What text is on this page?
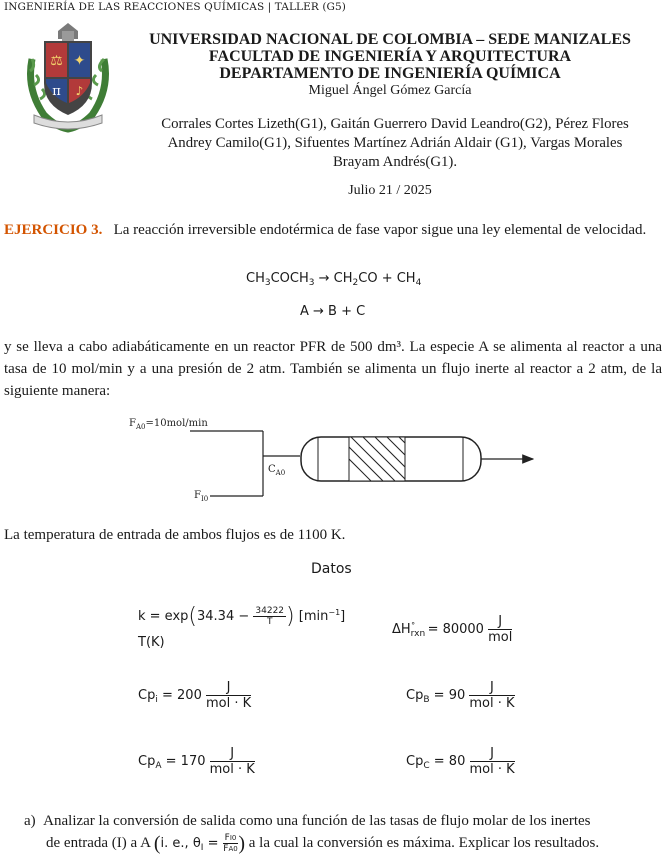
INGENIERÍA DE LAS REACCIONES QUÍMICAS | TALLER (G5)
⚖ ✦
π ♪
UNIVERSIDAD NACIONAL DE COLOMBIA – SEDE MANIZALES
FACULTAD DE INGENIERÍA Y ARQUITECTURA
DEPARTAMENTO DE INGENIERÍA QUÍMICA
Miguel Ángel Gómez García
Corrales Cortes Lizeth(G1), Gaitán Guerrero David Leandro(G2), Pérez Flores
Andrey Camilo(G1), Sifuentes Martínez Adrián Aldair (G1), Vargas Morales
Brayam Andrés(G1).
Julio 21 / 2025
EJERCICIO 3. La reacción irreversible endotérmica de fase vapor sigue una ley elemental de velocidad.
$CH_3COCH_3 \to CH_2CO + CH_4$
A → B + C
y se lleva a cabo adiabáticamente en un reactor PFR de 500 dm³. La especie A se alimenta al reactor a una tasa de 10 mol/min y a una presión de 2 atm. También se alimenta un flujo inerte al reactor a 2 atm, de la siguiente manera:
$F_{A0}=10mol/\min$
$C_{A0}$
$F_{I0}$
La temperatura de entrada de ambos flujos es de 1100 K.
Datos
$k = \exp(34.34 - \frac{34222}{T}$ ) $[\min^{-1}]$
T(K)
$\Delta H_{rxn}^\circ = 80000 \frac{J}{\text{mol}}$
$Cp_i = 200 \frac{J}{\text{mol · K}}$	$Cp_B = 90 \frac{J}{\text{mol · K}}$
$Cp_A = 170 \frac{J}{\text{mol · K}}$	$Cp_C = 80 \frac{J}{\text{mol · K}}$
a) Analizar la conversión de salida como una función de las tasas de flujo molar de los inertes
de entrada (I) a A (i. e., $\theta_I = \frac{FI0}{FA0}$ ) a la cual la conversión es máxima. Explicar los resultados.
